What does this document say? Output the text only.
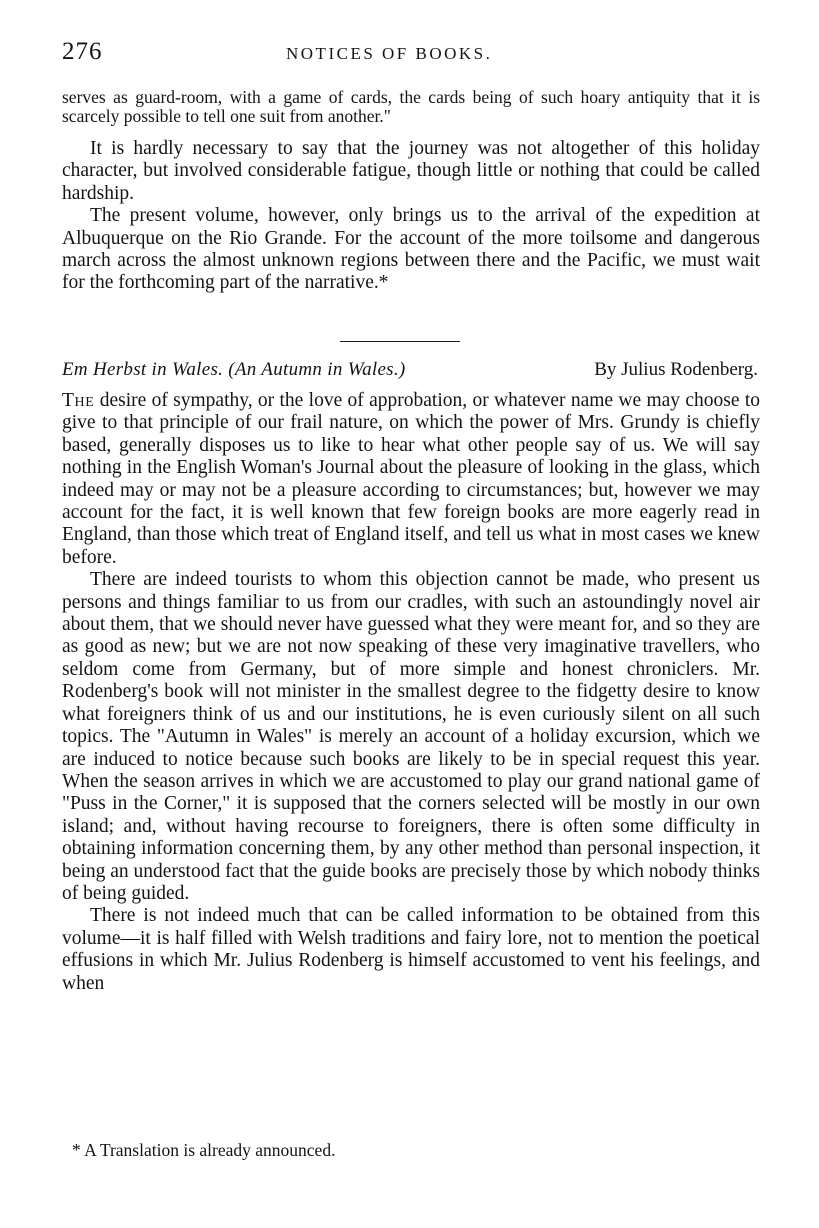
276	NOTICES OF BOOKS.
serves as guard-room, with a game of cards, the cards being of such hoary antiquity that it is scarcely possible to tell one suit from another."

It is hardly necessary to say that the journey was not altogether of this holiday character, but involved considerable fatigue, though little or nothing that could be called hardship.

The present volume, however, only brings us to the arrival of the expedition at Albuquerque on the Rio Grande. For the account of the more toilsome and dangerous march across the almost unknown regions between there and the Pacific, we must wait for the forthcoming part of the narrative.*

Em Herbst in Wales. (An Autumn in Wales.)	By Julius Rodenberg.

The desire of sympathy, or the love of approbation, or whatever name we may choose to give to that principle of our frail nature, on which the power of Mrs. Grundy is chiefly based, generally disposes us to like to hear what other people say of us. We will say nothing in the English Woman's Journal about the pleasure of looking in the glass, which indeed may or may not be a pleasure according to circumstances; but, however we may account for the fact, it is well known that few foreign books are more eagerly read in England, than those which treat of England itself, and tell us what in most cases we knew before.

There are indeed tourists to whom this objection cannot be made, who present us persons and things familiar to us from our cradles, with such an astoundingly novel air about them, that we should never have guessed what they were meant for, and so they are as good as new; but we are not now speaking of these very imaginative travellers, who seldom come from Germany, but of more simple and honest chroniclers. Mr. Rodenberg's book will not minister in the smallest degree to the fidgetty desire to know what foreigners think of us and our institutions, he is even curiously silent on all such topics. The "Autumn in Wales" is merely an account of a holiday excursion, which we are induced to notice because such books are likely to be in special request this year. When the season arrives in which we are accustomed to play our grand national game of "Puss in the Corner," it is supposed that the corners selected will be mostly in our own island; and, without having recourse to foreigners, there is often some difficulty in obtaining information concerning them, by any other method than personal inspection, it being an understood fact that the guide books are precisely those by which nobody thinks of being guided.

There is not indeed much that can be called information to be obtained from this volume—it is half filled with Welsh traditions and fairy lore, not to mention the poetical effusions in which Mr. Julius Rodenberg is himself accustomed to vent his feelings, and when

* A Translation is already announced.
